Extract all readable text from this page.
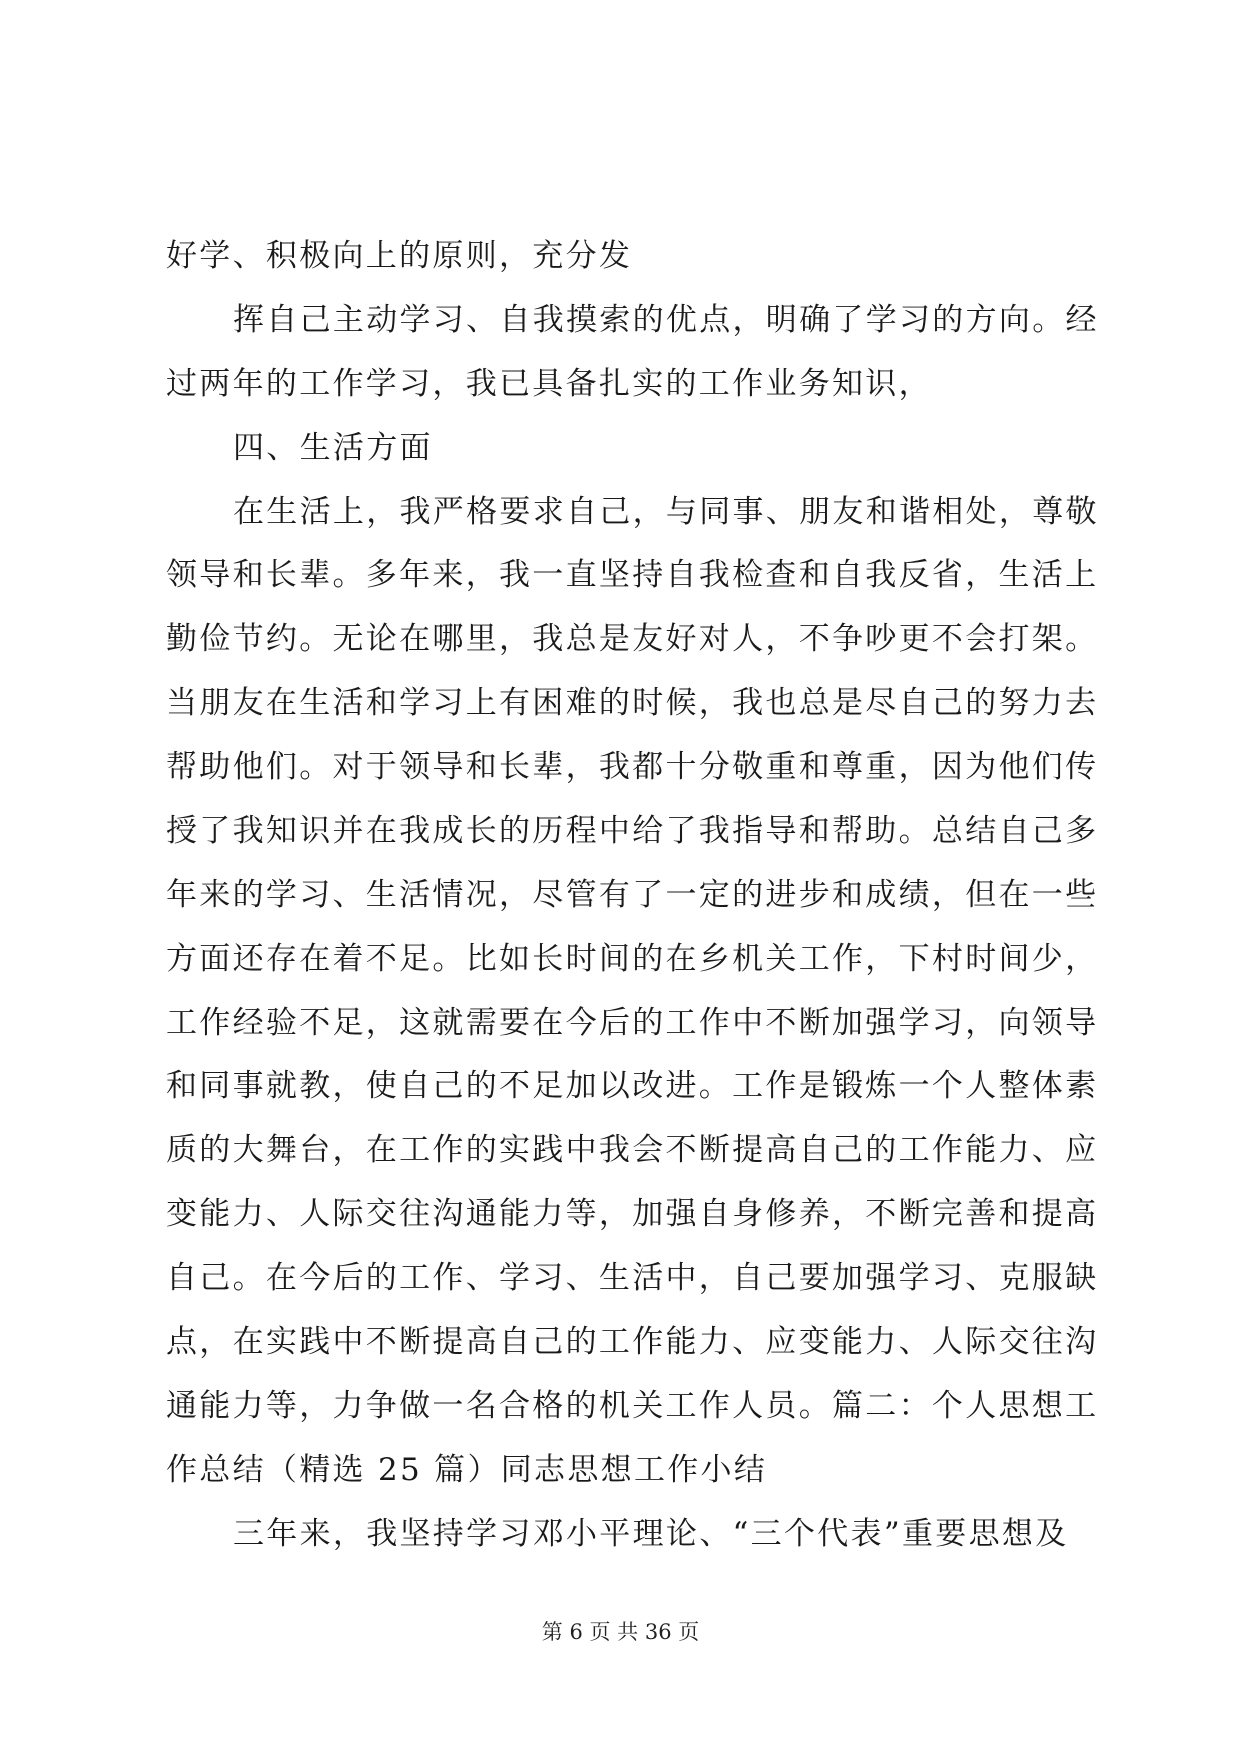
好学、积极向上的原则，充分发

挥自己主动学习、自我摸索的优点，明确了学习的方向。经

过两年的工作学习，我已具备扎实的工作业务知识，

四、生活方面

在生活上，我严格要求自己，与同事、朋友和谐相处，尊敬

领导和长辈。多年来，我一直坚持自我检查和自我反省，生活上

勤俭节约。无论在哪里，我总是友好对人，不争吵更不会打架。

当朋友在生活和学习上有困难的时候，我也总是尽自己的努力去

帮助他们。对于领导和长辈，我都十分敬重和尊重，因为他们传

授了我知识并在我成长的历程中给了我指导和帮助。总结自己多

年来的学习、生活情况，尽管有了一定的进步和成绩，但在一些

方面还存在着不足。比如长时间的在乡机关工作，下村时间少，

工作经验不足，这就需要在今后的工作中不断加强学习，向领导

和同事就教，使自己的不足加以改进。工作是锻炼一个人整体素

质的大舞台，在工作的实践中我会不断提高自己的工作能力、应

变能力、人际交往沟通能力等，加强自身修养，不断完善和提高

自己。在今后的工作、学习、生活中，自己要加强学习、克服缺

点，在实践中不断提高自己的工作能力、应变能力、人际交往沟

通能力等，力争做一名合格的机关工作人员。篇二：个人思想工

作总结（精选 25 篇）同志思想工作小结

三年来，我坚持学习邓小平理论、“三个代表”重要思想及

第 6 页 共 36 页
